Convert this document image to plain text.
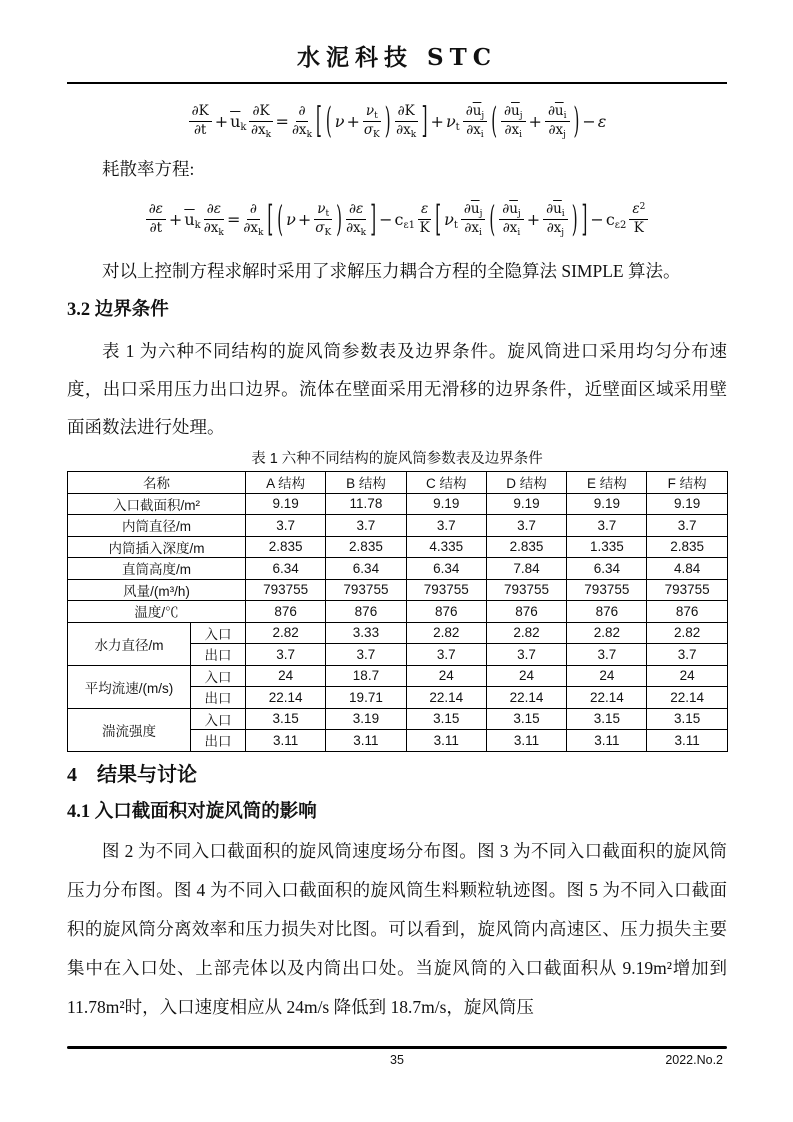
水泥科技 STC
$\frac{\partial K}{\partial t} + \overline{u}$ k $\frac{\partial K}{\partial x_k} = \frac{\partial}{\partial x_k}$ [ ( $\nu + \frac{\nu_t}{\sigma_K}$ ) $\frac{\partial K}{\partial x_k}$ ] + ν t $\frac{\partial\overline{u}_j}{\partial x_i}$ ( $\frac{\partial\overline{u}_j}{\partial x_i} + \frac{\partial\overline{u}_i}{\partial x_j}$ ) − ε

耗散率方程:

$\frac{\partial\varepsilon}{\partial t} + \overline{u}$ k $\frac{\partial\varepsilon}{\partial x_k} = \frac{\partial}{\partial x_k}$ [ ( $\nu + \frac{\nu_t}{\sigma_K}$ ) $\frac{\partial\varepsilon}{\partial x_k}$ ] − c $\varepsilon 1 \frac{\varepsilon}{K}$ [ ν t $\frac{\partial\overline{u}_j}{\partial x_i}$ ( $\frac{\partial\overline{u}_j}{\partial x_i} + \frac{\partial\overline{u}_i}{\partial x_j}$ ) ] − c $\varepsilon 2 \frac{\varepsilon^2}{K}$

对以上控制方程求解时采用了求解压力耦合方程的全隐算法 SIMPLE 算法。

3.2 边界条件

表 1 为六种不同结构的旋风筒参数表及边界条件。旋风筒进口采用均匀分布速度，出口采用压力出口边界。流体在壁面采用无滑移的边界条件，近壁面区域采用壁面函数法进行处理。

表 1 六种不同结构的旋风筒参数表及边界条件
名称		A 结构	B 结构	C 结构	D 结构	E 结构	F 结构
入口截面积/m²		9.19	11.78	9.19	9.19	9.19	9.19
内筒直径/m		3.7	3.7	3.7	3.7	3.7	3.7
内筒插入深度/m		2.835	2.835	4.335	2.835	1.335	2.835
直筒高度/m		6.34	6.34	6.34	7.84	6.34	4.84
风量/(m³/h)		793755	793755	793755	793755	793755	793755
温度/℃		876	876	876	876	876	876
水力直径/m	入口	2.82	3.33	2.82	2.82	2.82	2.82
	出口	3.7	3.7	3.7	3.7	3.7	3.7
平均流速/(m/s)	入口	24	18.7	24	24	24	24
	出口	22.14	19.71	22.14	22.14	22.14	22.14
湍流强度	入口	3.15	3.19	3.15	3.15	3.15	3.15
	出口	3.11	3.11	3.11	3.11	3.11	3.11
4　结果与讨论
4.1 入口截面积对旋风筒的影响

图 2 为不同入口截面积的旋风筒速度场分布图。图 3 为不同入口截面积的旋风筒压力分布图。图 4 为不同入口截面积的旋风筒生料颗粒轨迹图。图 5 为不同入口截面积的旋风筒分离效率和压力损失对比图。可以看到，旋风筒内高速区、压力损失主要集中在入口处、上部壳体以及内筒出口处。当旋风筒的入口截面积从 9.19m²增加到 11.78m²时，入口速度相应从 24m/s 降低到 18.7m/s，旋风筒压

35	2022.No.2
